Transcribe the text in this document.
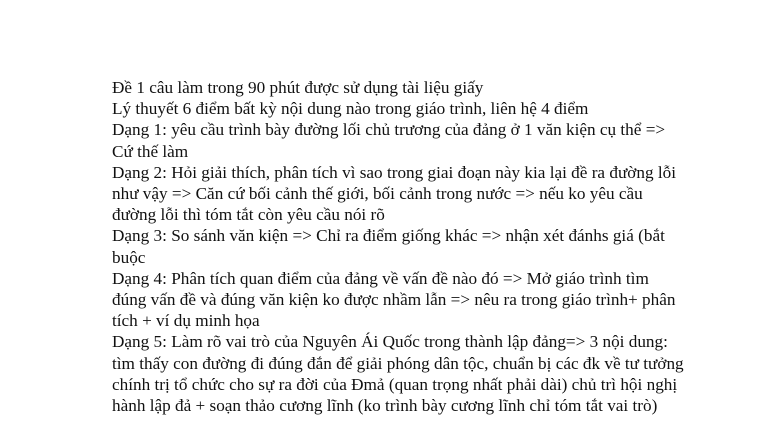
Đề 1 câu làm trong 90 phút được sử dụng tài liệu giấy
Lý thuyết 6 điểm bất kỳ nội dung nào trong giáo trình, liên hệ 4 điểm
Dạng 1: yêu cầu trình bày đường lối chủ trương của đảng ở 1 văn kiện cụ thể =>
Cứ thế làm
Dạng 2: Hỏi giải thích, phân tích vì sao trong giai đoạn này kia lại đề ra đường lỗi
như vậy => Căn cứ bối cảnh thế giới, bối cảnh trong nước => nếu ko yêu cầu
đường lỗi thì tóm tắt còn yêu cầu nói rõ
Dạng 3: So sánh văn kiện => Chỉ ra điểm giống khác => nhận xét đánhs giá (bắt
buộc
Dạng 4: Phân tích quan điểm của đảng về vấn đề nào đó => Mở giáo trình tìm
đúng vấn đề và đúng văn kiện ko được nhầm lẫn => nêu ra trong giáo trình+ phân
tích + ví dụ minh họa
Dạng 5: Làm rõ vai trò của Nguyên Ái Quốc trong thành lập đảng=> 3 nội dung:
tìm thấy con đường đi đúng đắn để giải phóng dân tộc, chuẩn bị các đk về tư tưởng
chính trị tổ chức cho sự ra đời của Đmả (quan trọng nhất phải dài) chủ trì hội nghị
hành lập đả + soạn thảo cương lĩnh (ko trình bày cương lĩnh chỉ tóm tắt vai trò)
